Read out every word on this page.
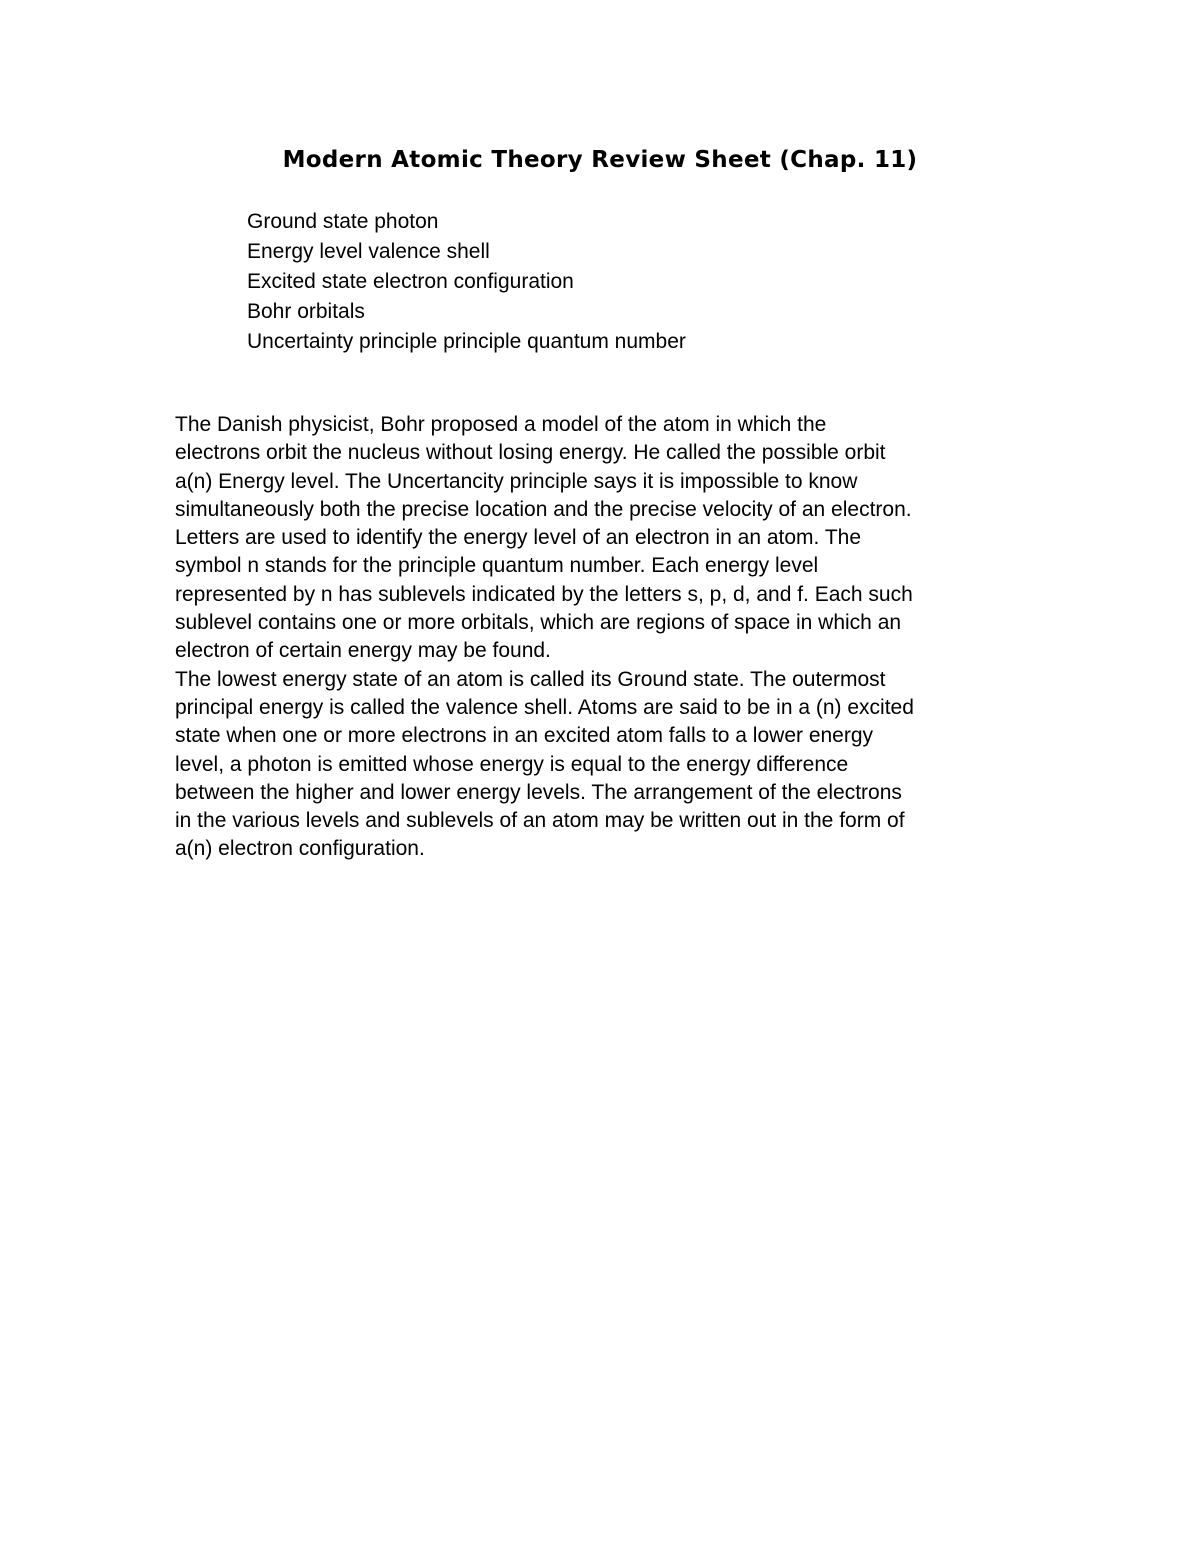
Modern Atomic Theory Review Sheet (Chap. 11)
Ground state photon
Energy level valence shell
Excited state electron configuration
Bohr orbitals
Uncertainty principle principle quantum number
The Danish physicist, Bohr proposed a model of the atom in which the
electrons orbit the nucleus without losing energy. He called the possible orbit
a(n) Energy level. The Uncertancity principle says it is impossible to know
simultaneously both the precise location and the precise velocity of an electron.
Letters are used to identify the energy level of an electron in an atom. The
symbol n stands for the principle quantum number. Each energy level
represented by n has sublevels indicated by the letters s, p, d, and f. Each such
sublevel contains one or more orbitals, which are regions of space in which an
electron of certain energy may be found.
The lowest energy state of an atom is called its Ground state. The outermost
principal energy is called the valence shell. Atoms are said to be in a (n) excited
state when one or more electrons in an excited atom falls to a lower energy
level, a photon is emitted whose energy is equal to the energy difference
between the higher and lower energy levels. The arrangement of the electrons
in the various levels and sublevels of an atom may be written out in the form of
a(n) electron configuration.
